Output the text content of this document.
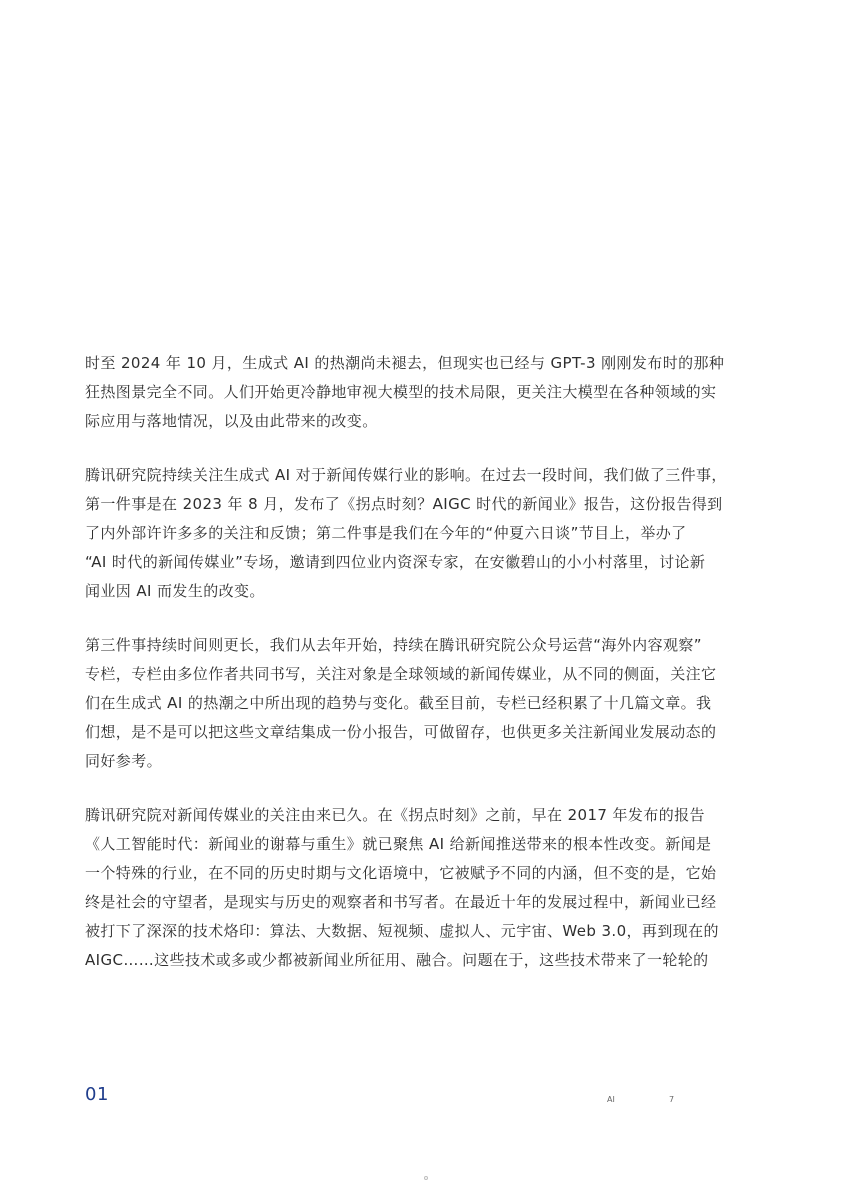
时至 2024 年 10 月，生成式 AI 的热潮尚未褪去，但现实也已经与 GPT-3 刚刚发布时的那种
狂热图景完全不同。人们开始更冷静地审视大模型的技术局限，更关注大模型在各种领域的实
际应用与落地情况，以及由此带来的改变。

腾讯研究院持续关注生成式 AI 对于新闻传媒行业的影响。在过去一段时间，我们做了三件事，
第一件事是在 2023 年 8 月，发布了《拐点时刻？AIGC 时代的新闻业》报告，这份报告得到
了内外部许许多多的关注和反馈；第二件事是我们在今年的“仲夏六日谈”节目上，举办了
“AI 时代的新闻传媒业”专场，邀请到四位业内资深专家，在安徽碧山的小小村落里，讨论新
闻业因 AI 而发生的改变。

第三件事持续时间则更长，我们从去年开始，持续在腾讯研究院公众号运营“海外内容观察”
专栏，专栏由多位作者共同书写，关注对象是全球领域的新闻传媒业，从不同的侧面，关注它
们在生成式 AI 的热潮之中所出现的趋势与变化。截至目前，专栏已经积累了十几篇文章。我
们想，是不是可以把这些文章结集成一份小报告，可做留存，也供更多关注新闻业发展动态的
同好参考。

腾讯研究院对新闻传媒业的关注由来已久。在《拐点时刻》之前，早在 2017 年发布的报告
《人工智能时代：新闻业的谢幕与重生》就已聚焦 AI 给新闻推送带来的根本性改变。新闻是
一个特殊的行业，在不同的历史时期与文化语境中，它被赋予不同的内涵，但不变的是，它始
终是社会的守望者，是现实与历史的观察者和书写者。在最近十年的发展过程中，新闻业已经
被打下了深深的技术烙印：算法、大数据、短视频、虚拟人、元宇宙、Web 3.0，再到现在的
AIGC……这些技术或多或少都被新闻业所征用、融合。问题在于，这些技术带来了一轮轮的

01	AI	7
